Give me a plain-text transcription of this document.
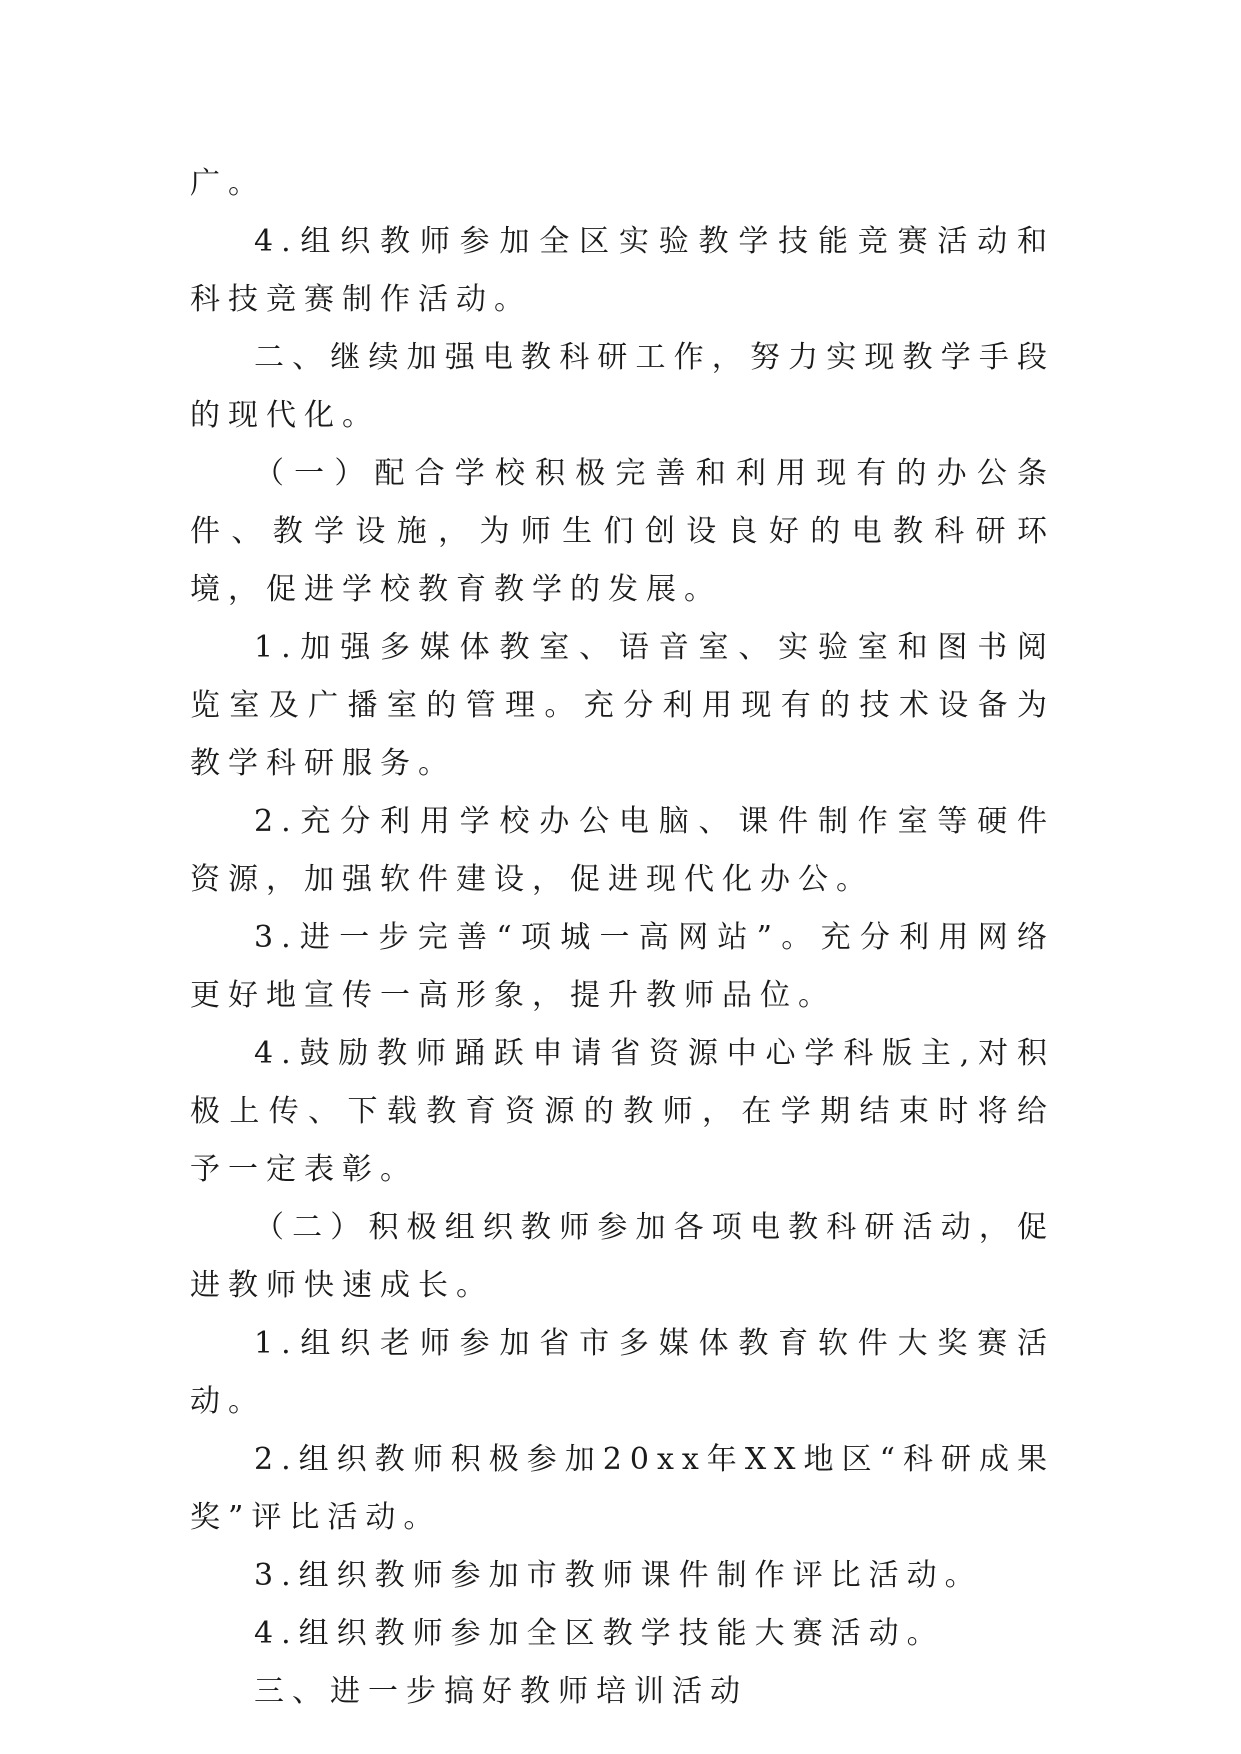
广。

4.组织教师参加全区实验教学技能竞赛活动和科技竞赛制作活动。

二、继续加强电教科研工作，努力实现教学手段的现代化。

（一）配合学校积极完善和利用现有的办公条件、教学设施，为师生们创设良好的电教科研环境，促进学校教育教学的发展。

1.加强多媒体教室、语音室、实验室和图书阅览室及广播室的管理。充分利用现有的技术设备为教学科研服务。

2.充分利用学校办公电脑、课件制作室等硬件资源，加强软件建设，促进现代化办公。

3.进一步完善“项城一高网站”。充分利用网络更好地宣传一高形象，提升教师品位。

4.鼓励教师踊跃申请省资源中心学科版主,对积极上传、下载教育资源的教师，在学期结束时将给予一定表彰。

（二）积极组织教师参加各项电教科研活动，促进教师快速成长。

1.组织老师参加省市多媒体教育软件大奖赛活动。

2.组织教师积极参加20xx年XX地区“科研成果奖”评比活动。

3.组织教师参加市教师课件制作评比活动。

4.组织教师参加全区教学技能大赛活动。

三、进一步搞好教师培训活动
